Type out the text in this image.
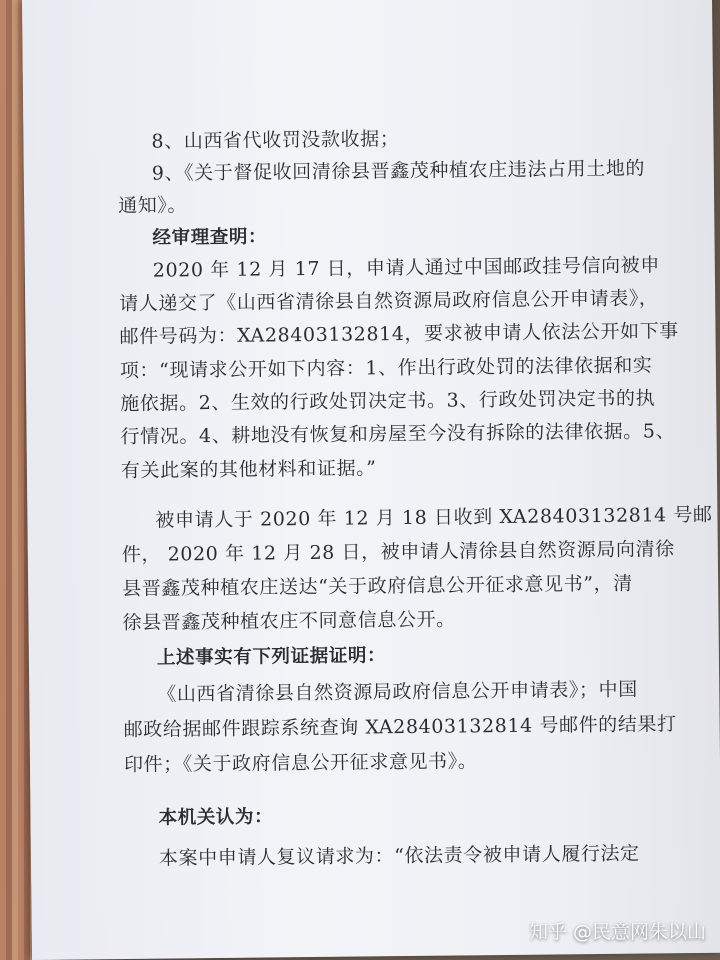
8、山西省代收罚没款收据；
9、《关于督促收回清徐县晋鑫茂种植农庄违法占用土地的
通知》。
经审理查明：
2020 年 12 月 17 日，申请人通过中国邮政挂号信向被申
请人递交了《山西省清徐县自然资源局政府信息公开申请表》，
邮件号码为：XA28403132814，要求被申请人依法公开如下事
项：“现请求公开如下内容：1、作出行政处罚的法律依据和实
施依据。2、生效的行政处罚决定书。3、行政处罚决定书的执
行情况。4、耕地没有恢复和房屋至今没有拆除的法律依据。5、
有关此案的其他材料和证据。”
被申请人于 2020 年 12 月 18 日收到 XA28403132814 号邮
件， 2020 年 12 月 28 日，被申请人清徐县自然资源局向清徐
县晋鑫茂种植农庄送达“关于政府信息公开征求意见书”，清
徐县晋鑫茂种植农庄不同意信息公开。
上述事实有下列证据证明：
《山西省清徐县自然资源局政府信息公开申请表》；中国
邮政给据邮件跟踪系统查询 XA28403132814 号邮件的结果打
印件；《关于政府信息公开征求意见书》。
本机关认为：
本案中申请人复议请求为：“依法责令被申请人履行法定
知乎 @民意网朱以山
